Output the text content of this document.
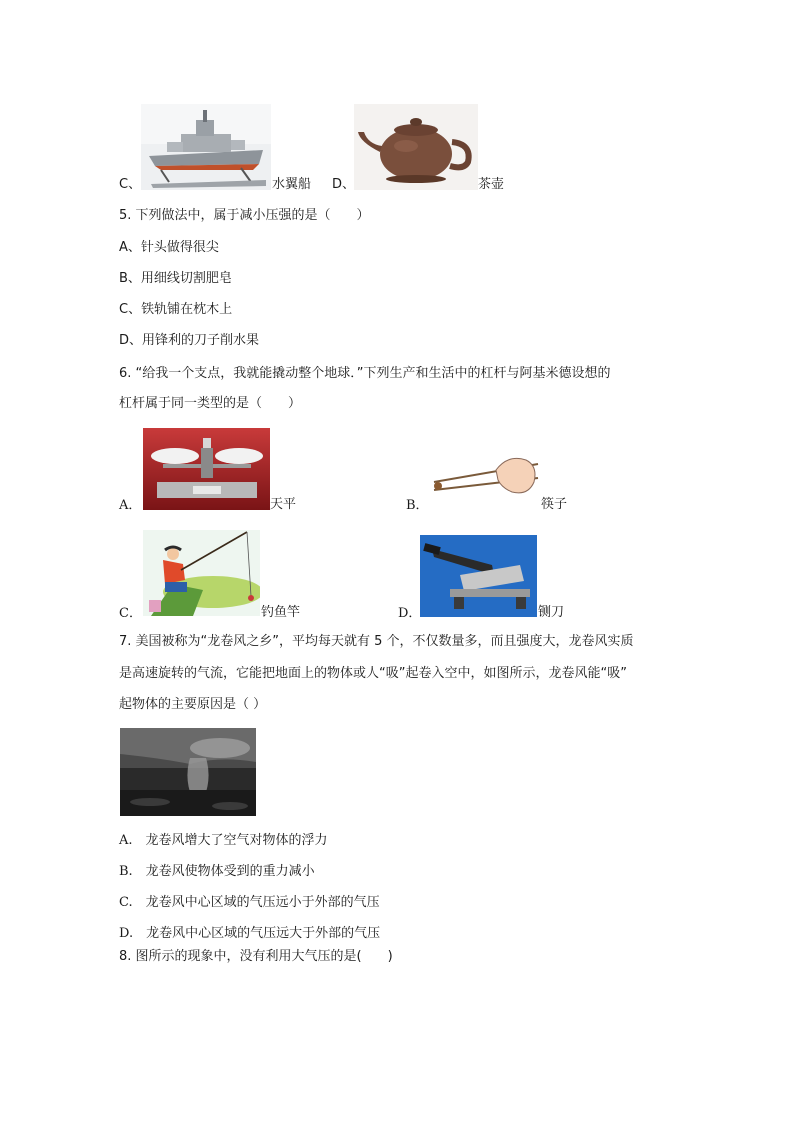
C、	水翼船 D、	茶壶
5. 下列做法中，属于减小压强的是（　　）
A、针头做得很尖
B、用细线切割肥皂
C、铁轨铺在枕木上
D、用锋利的刀子削水果
6. “给我一个支点，我就能撬动整个地球．”下列生产和生活中的杠杆与阿基米德设想的
杠杆属于同一类型的是（　　）
A．	天平	B．	筷子
C．	钓鱼竿	D．	铡刀
7. 美国被称为“龙卷风之乡”，平均每天就有 5 个，不仅数量多，而且强度大，龙卷风实质
是高速旋转的气流，它能把地面上的物体或人“吸”起卷入空中，如图所示，龙卷风能“吸”
起物体的主要原因是（ ）
A.　龙卷风增大了空气对物体的浮力
B.　龙卷风使物体受到的重力减小
C.　龙卷风中心区域的气压远小于外部的气压
D.　龙卷风中心区域的气压远大于外部的气压
8. 图所示的现象中，没有利用大气压的是(　　)
